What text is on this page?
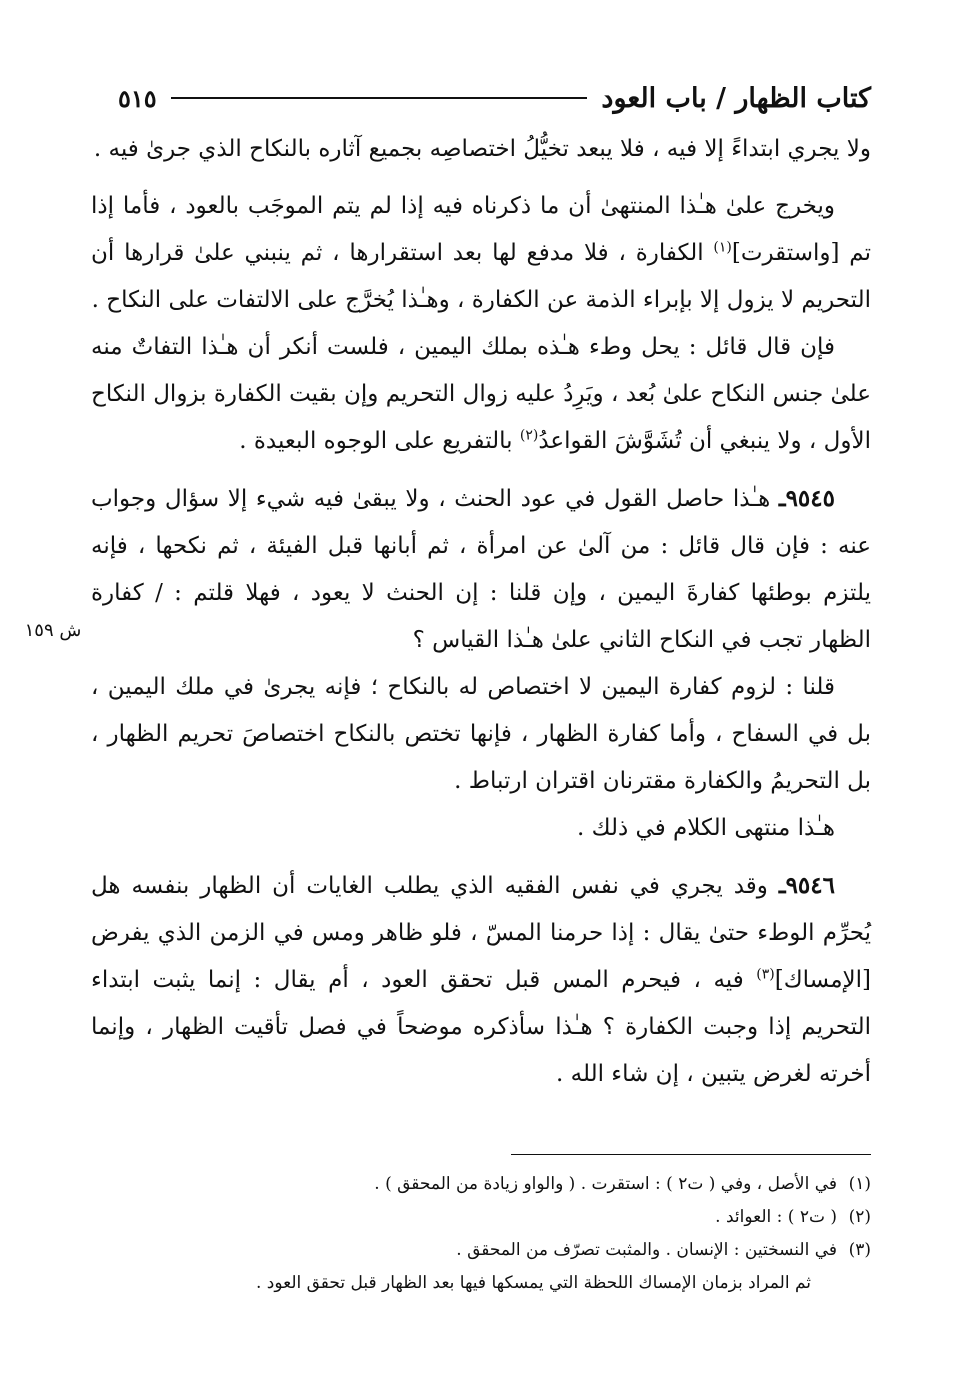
كتاب الظهار / باب العود
٥١٥
ش ١٥٩

ولا يجري ابتداءً إلا فيه ، فلا يبعد تخيُّلُ اختصاصِه بجميع آثاره بالنكاح الذي جرىٰ فيه .

ويخرج علىٰ هـٰذا المنتهىٰ أن ما ذكرناه فيه إذا لم يتم الموجَب بالعود ، فأما إذا تم [واستقرت]$^{(١)}$ الكفارة ، فلا مدفع لها بعد استقرارها ، ثم ينبني علىٰ قرارها أن التحريم لا يزول إلا بإبراء الذمة عن الكفارة ، وهـٰذا يُخرَّج على الالتفات على النكاح .

فإن قال قائل : يحل وطء هـٰذه بملك اليمين ، فلست أنكر أن هـٰذا التفاتٌ منه علىٰ جنس النكاح علىٰ بُعد ، ويَرِدُ عليه زوال التحريم وإن بقيت الكفارة بزوال النكاح الأول ، ولا ينبغي أن تُشَوَّشَ القواعدُ$^{(٢)}$ بالتفريع على الوجوه البعيدة .

٩٥٤٥ـ هـٰذا حاصل القول في عود الحنث ، ولا يبقىٰ فيه شيء إلا سؤال وجواب عنه : فإن قال قائل : من آلىٰ عن امرأة ، ثم أبانها قبل الفيئة ، ثم نكحها ، فإنه يلتزم بوطئها كفارةَ اليمين ، وإن قلنا : إن الحنث لا يعود ، فهلا قلتم : / كفارة الظهار تجب في النكاح الثاني علىٰ هـٰذا القياس ؟

قلنا : لزوم كفارة اليمين لا اختصاص له بالنكاح ؛ فإنه يجرىٰ في ملك اليمين ، بل في السفاح ، وأما كفارة الظهار ، فإنها تختص بالنكاح اختصاصَ تحريم الظهار ، بل التحريمُ والكفارة مقترنان اقتران ارتباط .

هـٰذا منتهى الكلام في ذلك .

٩٥٤٦ـ وقد يجري في نفس الفقيه الذي يطلب الغايات أن الظهار بنفسه هل يُحرِّم الوطء حتىٰ يقال : إذا حرمنا المسّ ، فلو ظاهر ومس في الزمن الذي يفرض [الإمساك]$^{(٣)}$ فيه ، فيحرم المس قبل تحقق العود ، أم يقال : إنما يثبت ابتداء التحريم إذا وجبت الكفارة ؟ هـٰذا سأذكره موضحاً في فصل تأقيت الظهار ، وإنما أخرته لغرض يتبين ، إن شاء الله .

(١)
في الأصل ، وفي ( ت٢ ) : استقرت . ( والواو زيادة من المحقق ) .
(٢)
( ت٢ ) : العوائد .
(٣)
في النسختين : الإنسان . والمثبت تصرّف من المحقق .
ثم المراد بزمان الإمساك اللحظة التي يمسكها فيها بعد الظهار قبل تحقق العود .
